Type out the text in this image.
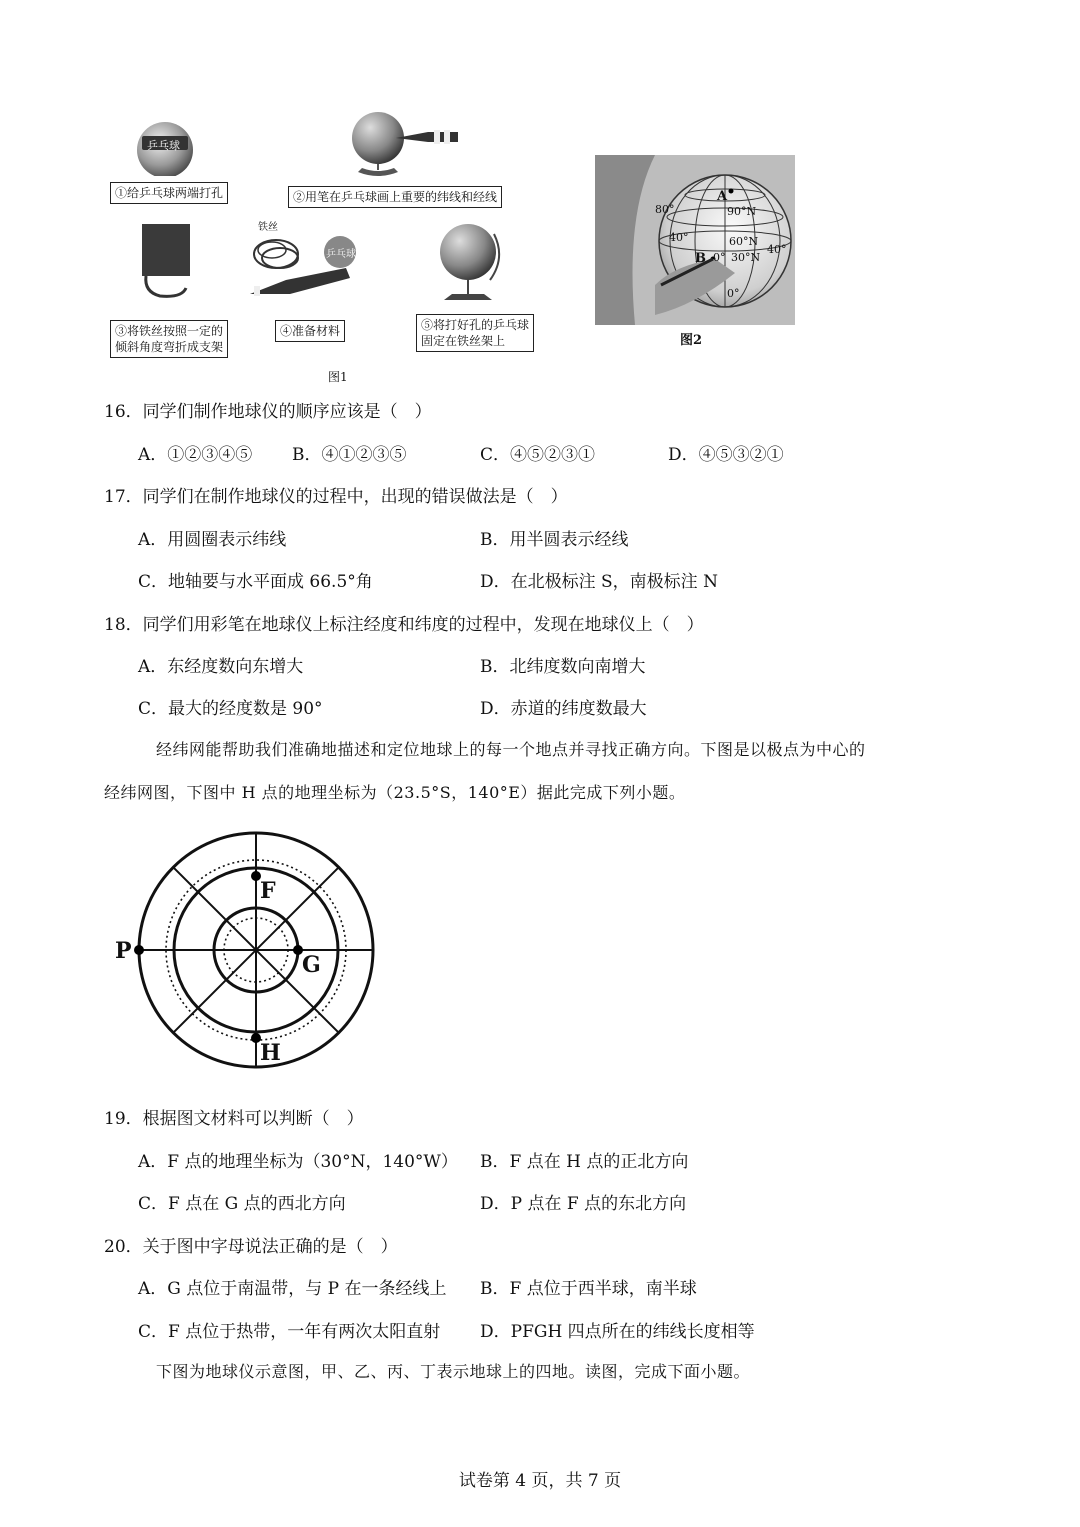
乒乓球
①给乒乓球两端打孔	②用笔在乒乓球画上重要的纬线和经线
③将铁丝按照一定的
倾斜角度弯折成支架
铁丝
乒乓球
④准备材料	⑤将打好孔的乒乓球
固定在铁丝架上
图1
A
90°N
60°N
B 0° 30°N
0°
80°
40°
40°
图2
16．同学们制作地球仪的顺序应该是（　）
A．①②③④⑤ B．④①②③⑤	C．④⑤②③①	D．④⑤③②①
17．同学们在制作地球仪的过程中，出现的错误做法是（　）
A．用圆圈表示纬线	B．用半圆表示经线
C．地轴要与水平面成 66.5°角	D．在北极标注 S，南极标注 N
18．同学们用彩笔在地球仪上标注经度和纬度的过程中，发现在地球仪上（　）
A．东经度数向东增大	B．北纬度数向南增大
C．最大的经度数是 90°	D．赤道的纬度数最大
经纬网能帮助我们准确地描述和定位地球上的每一个地点并寻找正确方向。下图是以极点为中心的
经纬网图，下图中 H 点的地理坐标为（23.5°S，140°E）据此完成下列小题。
F
G
H
P
19．根据图文材料可以判断（　）
A．F 点的地理坐标为（30°N，140°W） B．F 点在 H 点的正北方向
C．F 点在 G 点的西北方向	D．P 点在 F 点的东北方向
20．关于图中字母说法正确的是（　）
A．G 点位于南温带，与 P 在一条经线上 B．F 点位于西半球，南半球
C．F 点位于热带，一年有两次太阳直射 D．PFGH 四点所在的纬线长度相等
下图为地球仪示意图，甲、乙、丙、丁表示地球上的四地。读图，完成下面小题。
试卷第 4 页，共 7 页
